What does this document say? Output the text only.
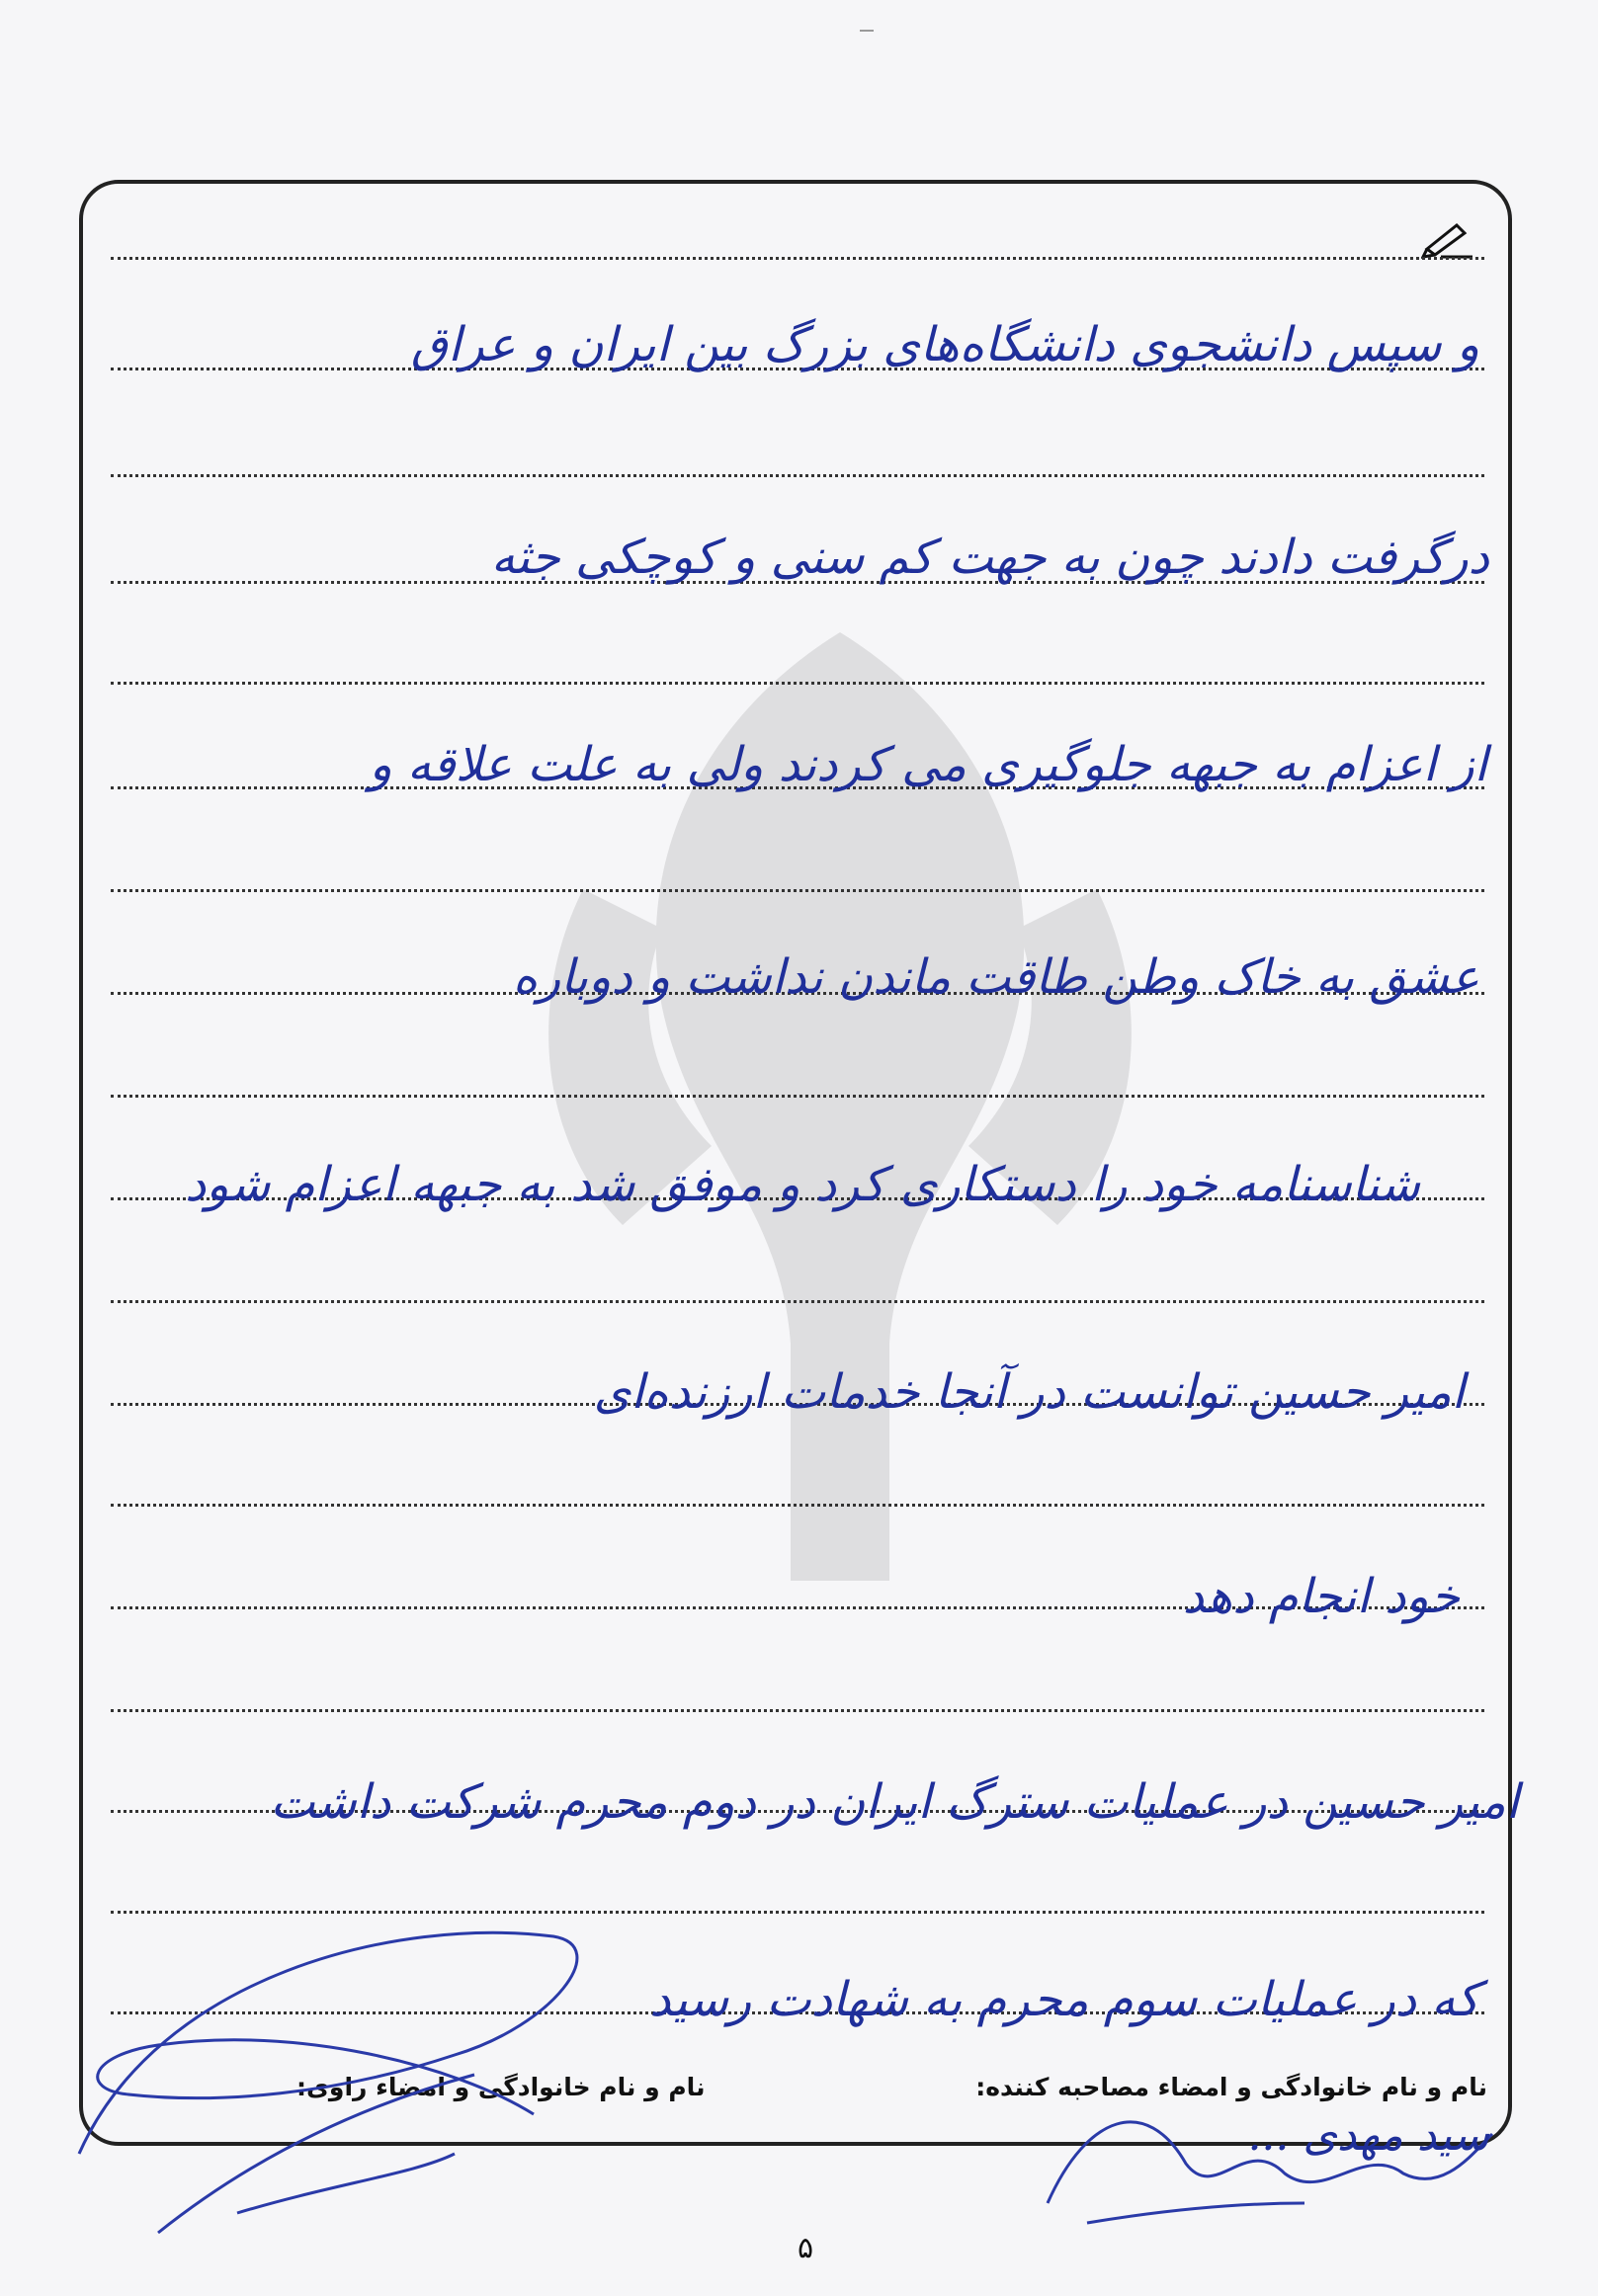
و سپس دانشجوی دانشگاه‌های بزرگ بین ایران و عراق
درگرفت دادند چون به جهت کم سنی و کوچکی جثه
از اعزام به جبهه جلوگیری می کردند ولی به علت علاقه و
عشق به خاک وطن طاقت ماندن نداشت و دوباره
شناسنامه خود را دستکاری کرد و موفق شد به جبهه اعزام شود
امیر حسین توانست در آنجا خدمات ارزنده‌ای
خود انجام دهد
امیر حسین در عملیات سترگ ایران در دوم محرم شرکت داشت
که در عملیات سوم محرم به شهادت رسید
نام و نام خانوادگی و امضاء مصاحبه کننده:
نام و نام خانوادگی و امضاء راوی:
سید مهدی ...
۵
